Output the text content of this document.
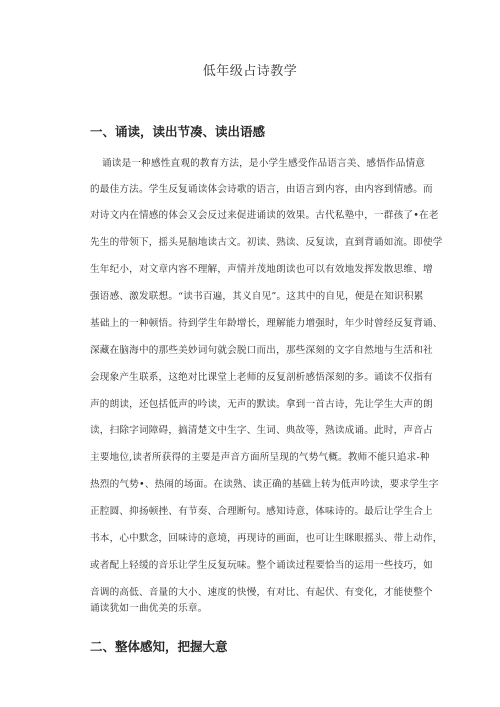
低年级占诗教学
一、诵读，读出节凑、读出语感
诵读是一种感性直观的教育方法，是小学生感受作品语言美、感悟作品情意
的最佳方法。学生反复诵读体会诗歌的语言，由语言到内容，由内容到情感。而
对诗文内在情感的体会又会反过来促进诵读的效果。古代私塾中，一群孩了•在老
先生的带领下，摇头晃脑地读古文。初读、熟读、反复读，直到背诵如流。即使学
生年纪小，对文章内容不理解，声情并茂地朗读也可以有效地发挥发散思维、增
强语感、激发联想。“读书百遍，其义自见”。这其中的自见，便是在知识积累
基础上的一种顿悟。待到学生年龄增长，理解能力增强时，年少时曾经反复背诵、
深藏在脑海中的那些美妙词句就会脱口而出，那些深刻的文字自然地与生活和社
会现象产生联系，这绝对比课堂上老师的反复剖析感悟深刻的多。诵读不仅指有
声的朗读，还包括低声的吟读，无声的默读。拿到一首古诗，先让学生大声的朗
读，扫除字词障碍，搞清楚文中生字、生词、典故等，熟读成诵。此时，声音占
主要地位,读者所获得的主要是声音方面所呈现的气势气概。教师不能只追求-种
热烈的气势•、热闹的场面。在读熟、读正确的基础上转为低声吟读，要求学生字
正腔圆、抑扬顿挫、有节奏、合理断句。感知诗意，体味诗的。最后让学生合上
书本，心中默念，回味诗的意境，再现诗的画面，也可让生眯眼摇头、带上动作，
或者配上轻缓的音乐让学生反复玩味。整个诵读过程要恰当的运用一些技巧，如
音调的高低、音量的大小、速度的快慢，有对比、有起伏、有变化，才能使整个
诵读犹如一曲优美的乐章。
二、整体感知，把握大意
